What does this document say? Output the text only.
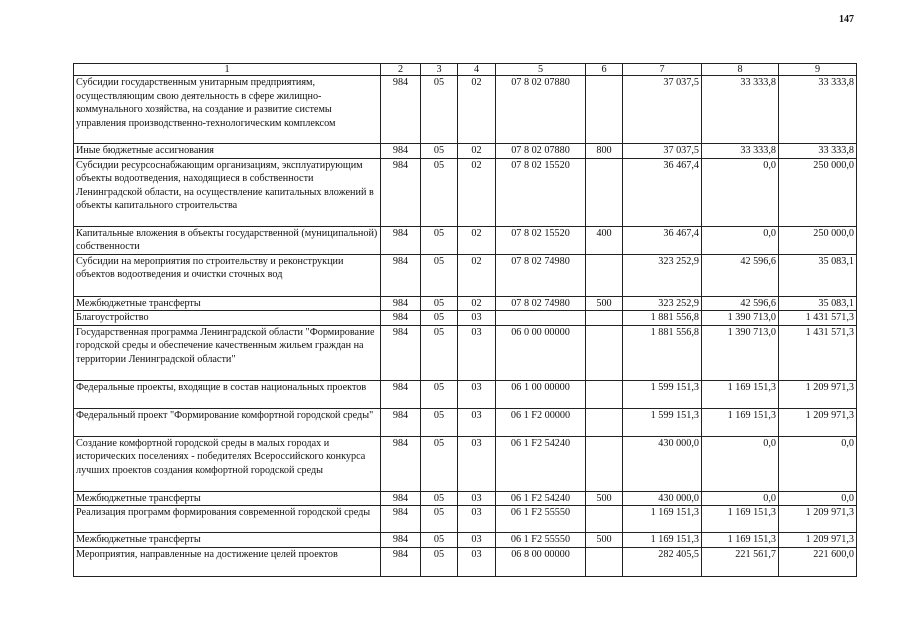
147
1	2	3	4	5	6	7	8	9
Субсидии государственным унитарным предприятиям, осуществляющим свою деятельность в сфере жилищно-коммунального хозяйства, на создание и развитие системы управления производственно-технологическим комплексом	984	05	02	07 8 02 07880		37 037,5	33 333,8	33 333,8
Иные бюджетные ассигнования	984	05	02	07 8 02 07880	800	37 037,5	33 333,8	33 333,8
Субсидии ресурсоснабжающим организациям, эксплуатирующим объекты водоотведения, находящиеся в собственности Ленинградской области, на осуществление капитальных вложений в объекты капитального строительства	984	05	02	07 8 02 15520		36 467,4	0,0	250 000,0
Капитальные вложения в объекты государственной (муниципальной) собственности	984	05	02	07 8 02 15520	400	36 467,4	0,0	250 000,0
Субсидии на мероприятия по строительству и реконструкции объектов водоотведения и очистки сточных вод	984	05	02	07 8 02 74980		323 252,9	42 596,6	35 083,1
Межбюджетные трансферты	984	05	02	07 8 02 74980	500	323 252,9	42 596,6	35 083,1
Благоустройство	984	05	03			1 881 556,8	1 390 713,0	1 431 571,3
Государственная программа Ленинградской области "Формирование городской среды и обеспечение качественным жильем граждан на территории Ленинградской области"	984	05	03	06 0 00 00000		1 881 556,8	1 390 713,0	1 431 571,3
Федеральные проекты, входящие в состав национальных проектов	984	05	03	06 1 00 00000		1 599 151,3	1 169 151,3	1 209 971,3
Федеральный проект "Формирование комфортной городской среды"	984	05	03	06 1 F2 00000		1 599 151,3	1 169 151,3	1 209 971,3
Создание комфортной городской среды в малых городах и исторических поселениях - победителях Всероссийского конкурса лучших проектов создания комфортной городской среды	984	05	03	06 1 F2 54240		430 000,0	0,0	0,0
Межбюджетные трансферты	984	05	03	06 1 F2 54240	500	430 000,0	0,0	0,0
Реализация программ формирования современной городской среды	984	05	03	06 1 F2 55550		1 169 151,3	1 169 151,3	1 209 971,3
Межбюджетные трансферты	984	05	03	06 1 F2 55550	500	1 169 151,3	1 169 151,3	1 209 971,3
Мероприятия, направленные на достижение целей проектов	984	05	03	06 8 00 00000		282 405,5	221 561,7	221 600,0
